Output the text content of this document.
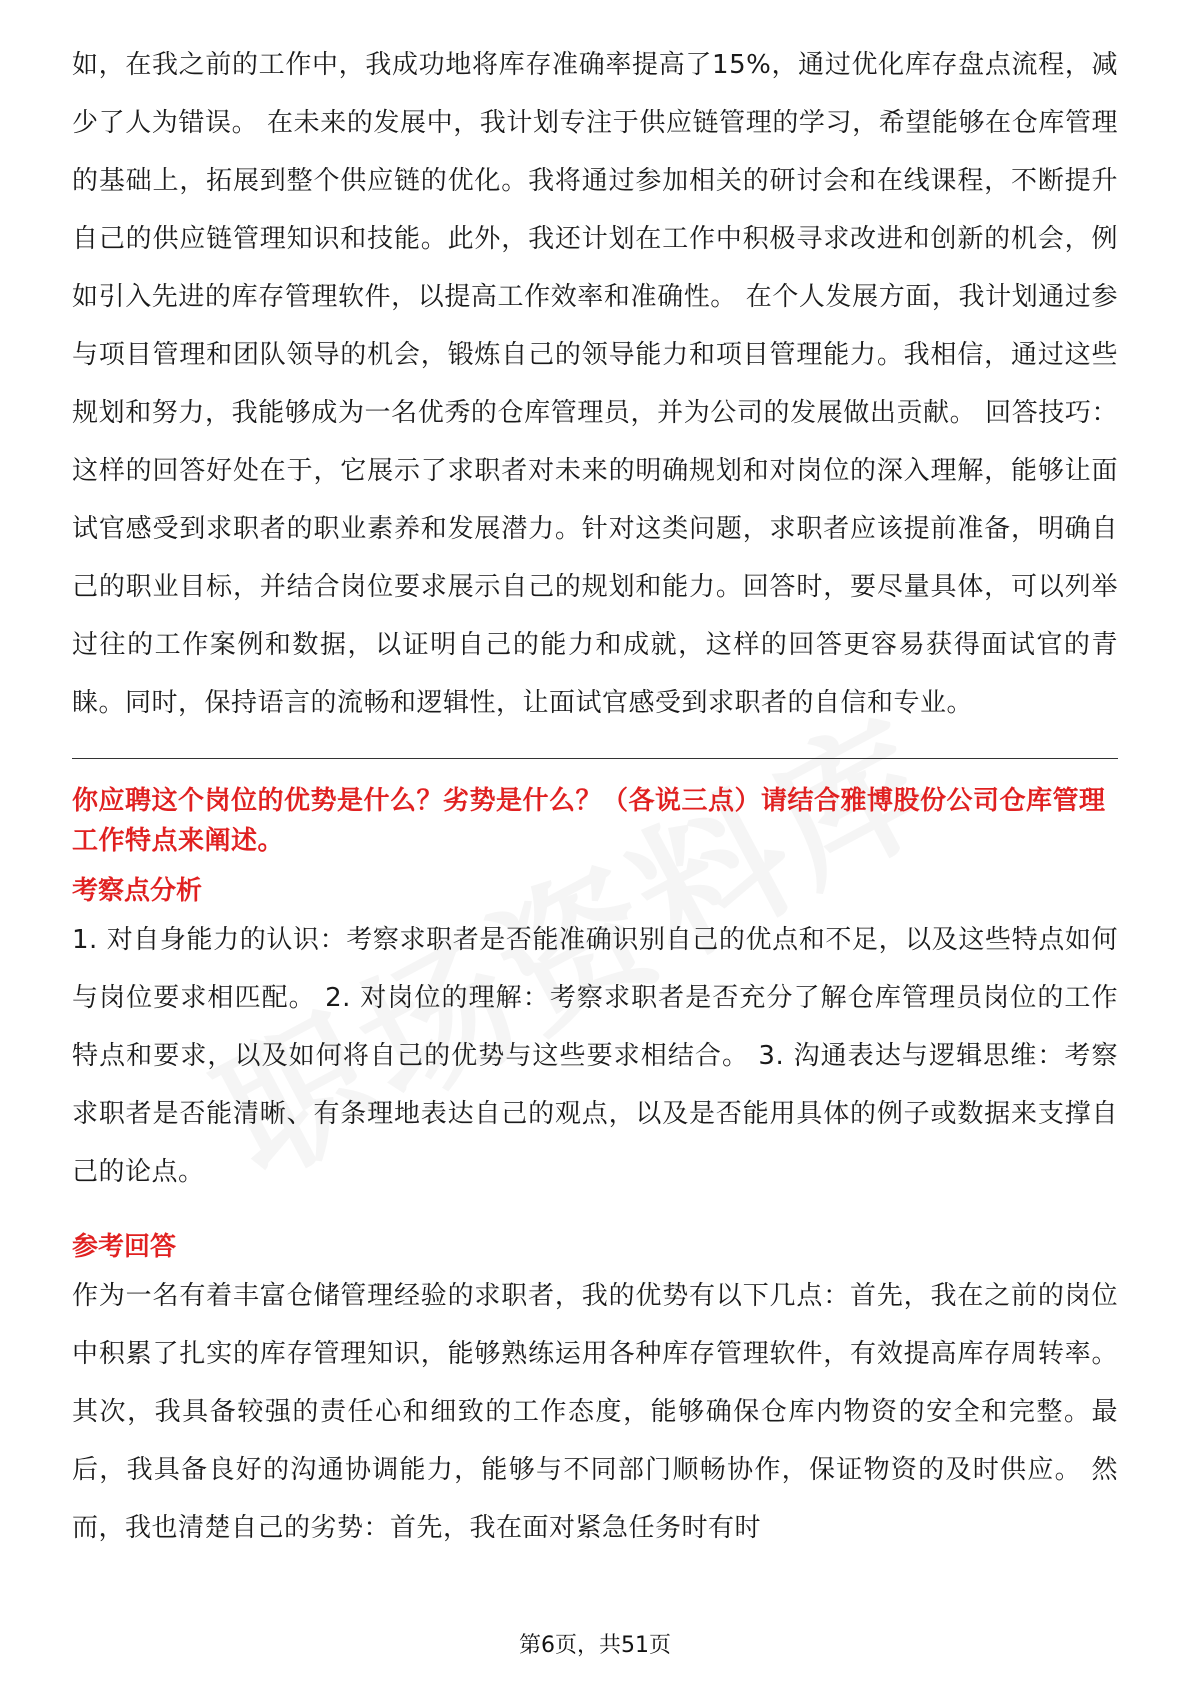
如，在我之前的工作中，我成功地将库存准确率提高了15%，通过优化库存盘点流程，减少了人为错误。 在未来的发展中，我计划专注于供应链管理的学习，希望能够在仓库管理的基础上，拓展到整个供应链的优化。我将通过参加相关的研讨会和在线课程，不断提升自己的供应链管理知识和技能。此外，我还计划在工作中积极寻求改进和创新的机会，例如引入先进的库存管理软件，以提高工作效率和准确性。 在个人发展方面，我计划通过参与项目管理和团队领导的机会，锻炼自己的领导能力和项目管理能力。我相信，通过这些规划和努力，我能够成为一名优秀的仓库管理员，并为公司的发展做出贡献。 回答技巧： 这样的回答好处在于，它展示了求职者对未来的明确规划和对岗位的深入理解，能够让面试官感受到求职者的职业素养和发展潜力。针对这类问题，求职者应该提前准备，明确自己的职业目标，并结合岗位要求展示自己的规划和能力。回答时，要尽量具体，可以列举过往的工作案例和数据，以证明自己的能力和成就，这样的回答更容易获得面试官的青睐。同时，保持语言的流畅和逻辑性，让面试官感受到求职者的自信和专业。

你应聘这个岗位的优势是什么？劣势是什么？（各说三点）请结合雅博股份公司仓库管理工作特点来阐述。

考察点分析

1. 对自身能力的认识：考察求职者是否能准确识别自己的优点和不足，以及这些特点如何与岗位要求相匹配。 2. 对岗位的理解：考察求职者是否充分了解仓库管理员岗位的工作特点和要求，以及如何将自己的优势与这些要求相结合。 3. 沟通表达与逻辑思维：考察求职者是否能清晰、有条理地表达自己的观点，以及是否能用具体的例子或数据来支撑自己的论点。

参考回答

作为一名有着丰富仓储管理经验的求职者，我的优势有以下几点：首先，我在之前的岗位中积累了扎实的库存管理知识，能够熟练运用各种库存管理软件，有效提高库存周转率。其次，我具备较强的责任心和细致的工作态度，能够确保仓库内物资的安全和完整。最后，我具备良好的沟通协调能力，能够与不同部门顺畅协作，保证物资的及时供应。 然而，我也清楚自己的劣势：首先，我在面对紧急任务时有时

第6页，共51页
